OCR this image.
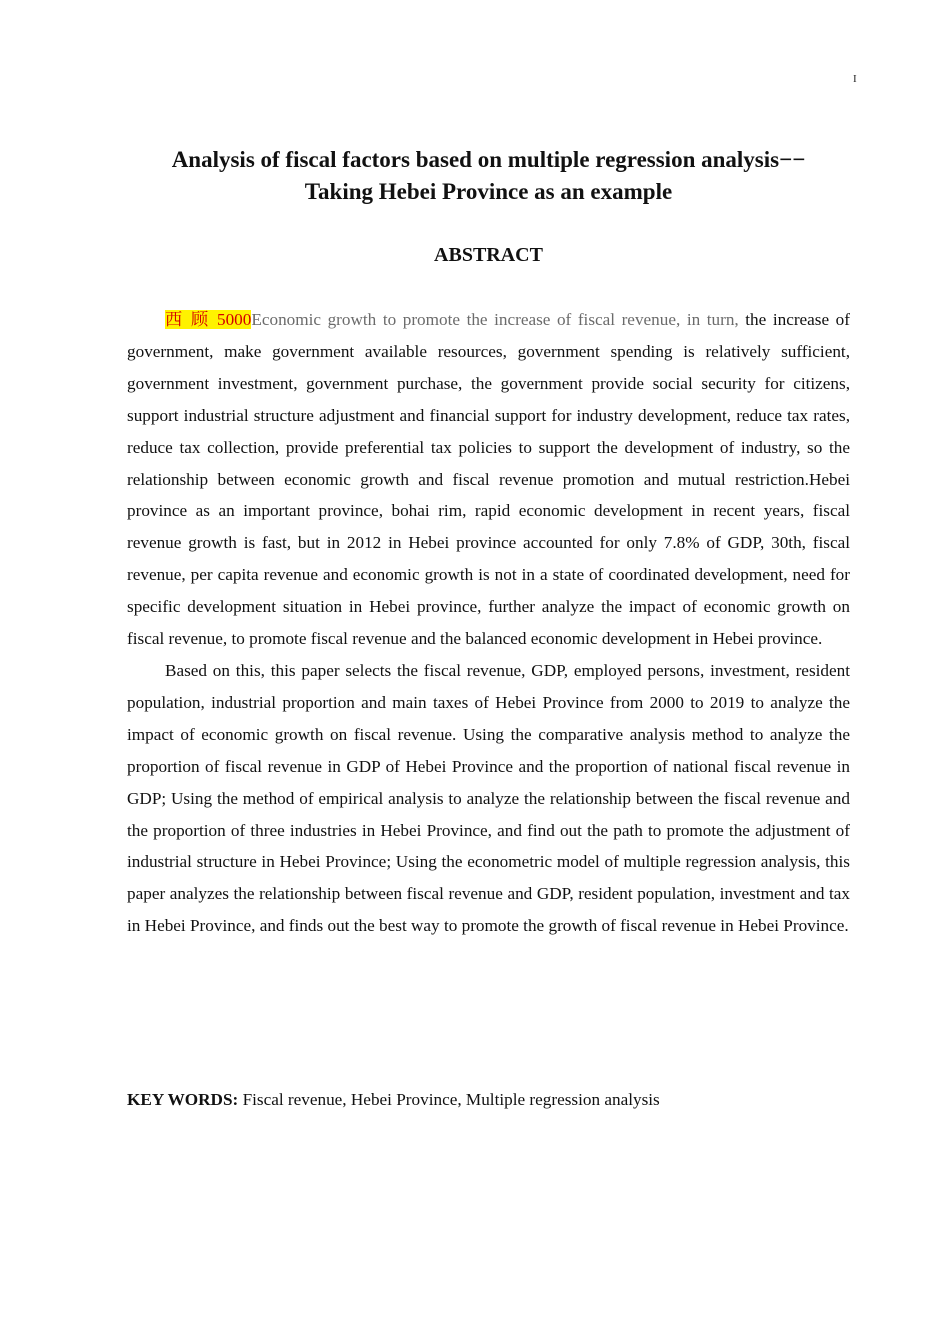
I
Analysis of fiscal factors based on multiple regression analysis−−
Taking Hebei Province as an example
ABSTRACT

西 顾 5000Economic growth to promote the increase of fiscal revenue, in turn, the increase of government, make government available resources, government spending is relatively sufficient, government investment, government purchase, the government provide social security for citizens, support industrial structure adjustment and financial support for industry development, reduce tax rates, reduce tax collection, provide preferential tax policies to support the development of industry, so the relationship between economic growth and fiscal revenue promotion and mutual restriction.Hebei province as an important province, bohai rim, rapid economic development in recent years, fiscal revenue growth is fast, but in 2012 in Hebei province accounted for only 7.8% of GDP, 30th, fiscal revenue, per capita revenue and economic growth is not in a state of coordinated development, need for specific development situation in Hebei province, further analyze the impact of economic growth on fiscal revenue, to promote fiscal revenue and the balanced economic development in Hebei province.

Based on this, this paper selects the fiscal revenue, GDP, employed persons, investment, resident population, industrial proportion and main taxes of Hebei Province from 2000 to 2019 to analyze the impact of economic growth on fiscal revenue. Using the comparative analysis method to analyze the proportion of fiscal revenue in GDP of Hebei Province and the proportion of national fiscal revenue in GDP; Using the method of empirical analysis to analyze the relationship between the fiscal revenue and the proportion of three industries in Hebei Province, and find out the path to promote the adjustment of industrial structure in Hebei Province; Using the econometric model of multiple regression analysis, this paper analyzes the relationship between fiscal revenue and GDP, resident population, investment and tax in Hebei Province, and finds out the best way to promote the growth of fiscal revenue in Hebei Province.

KEY WORDS: Fiscal revenue, Hebei Province, Multiple regression analysis
